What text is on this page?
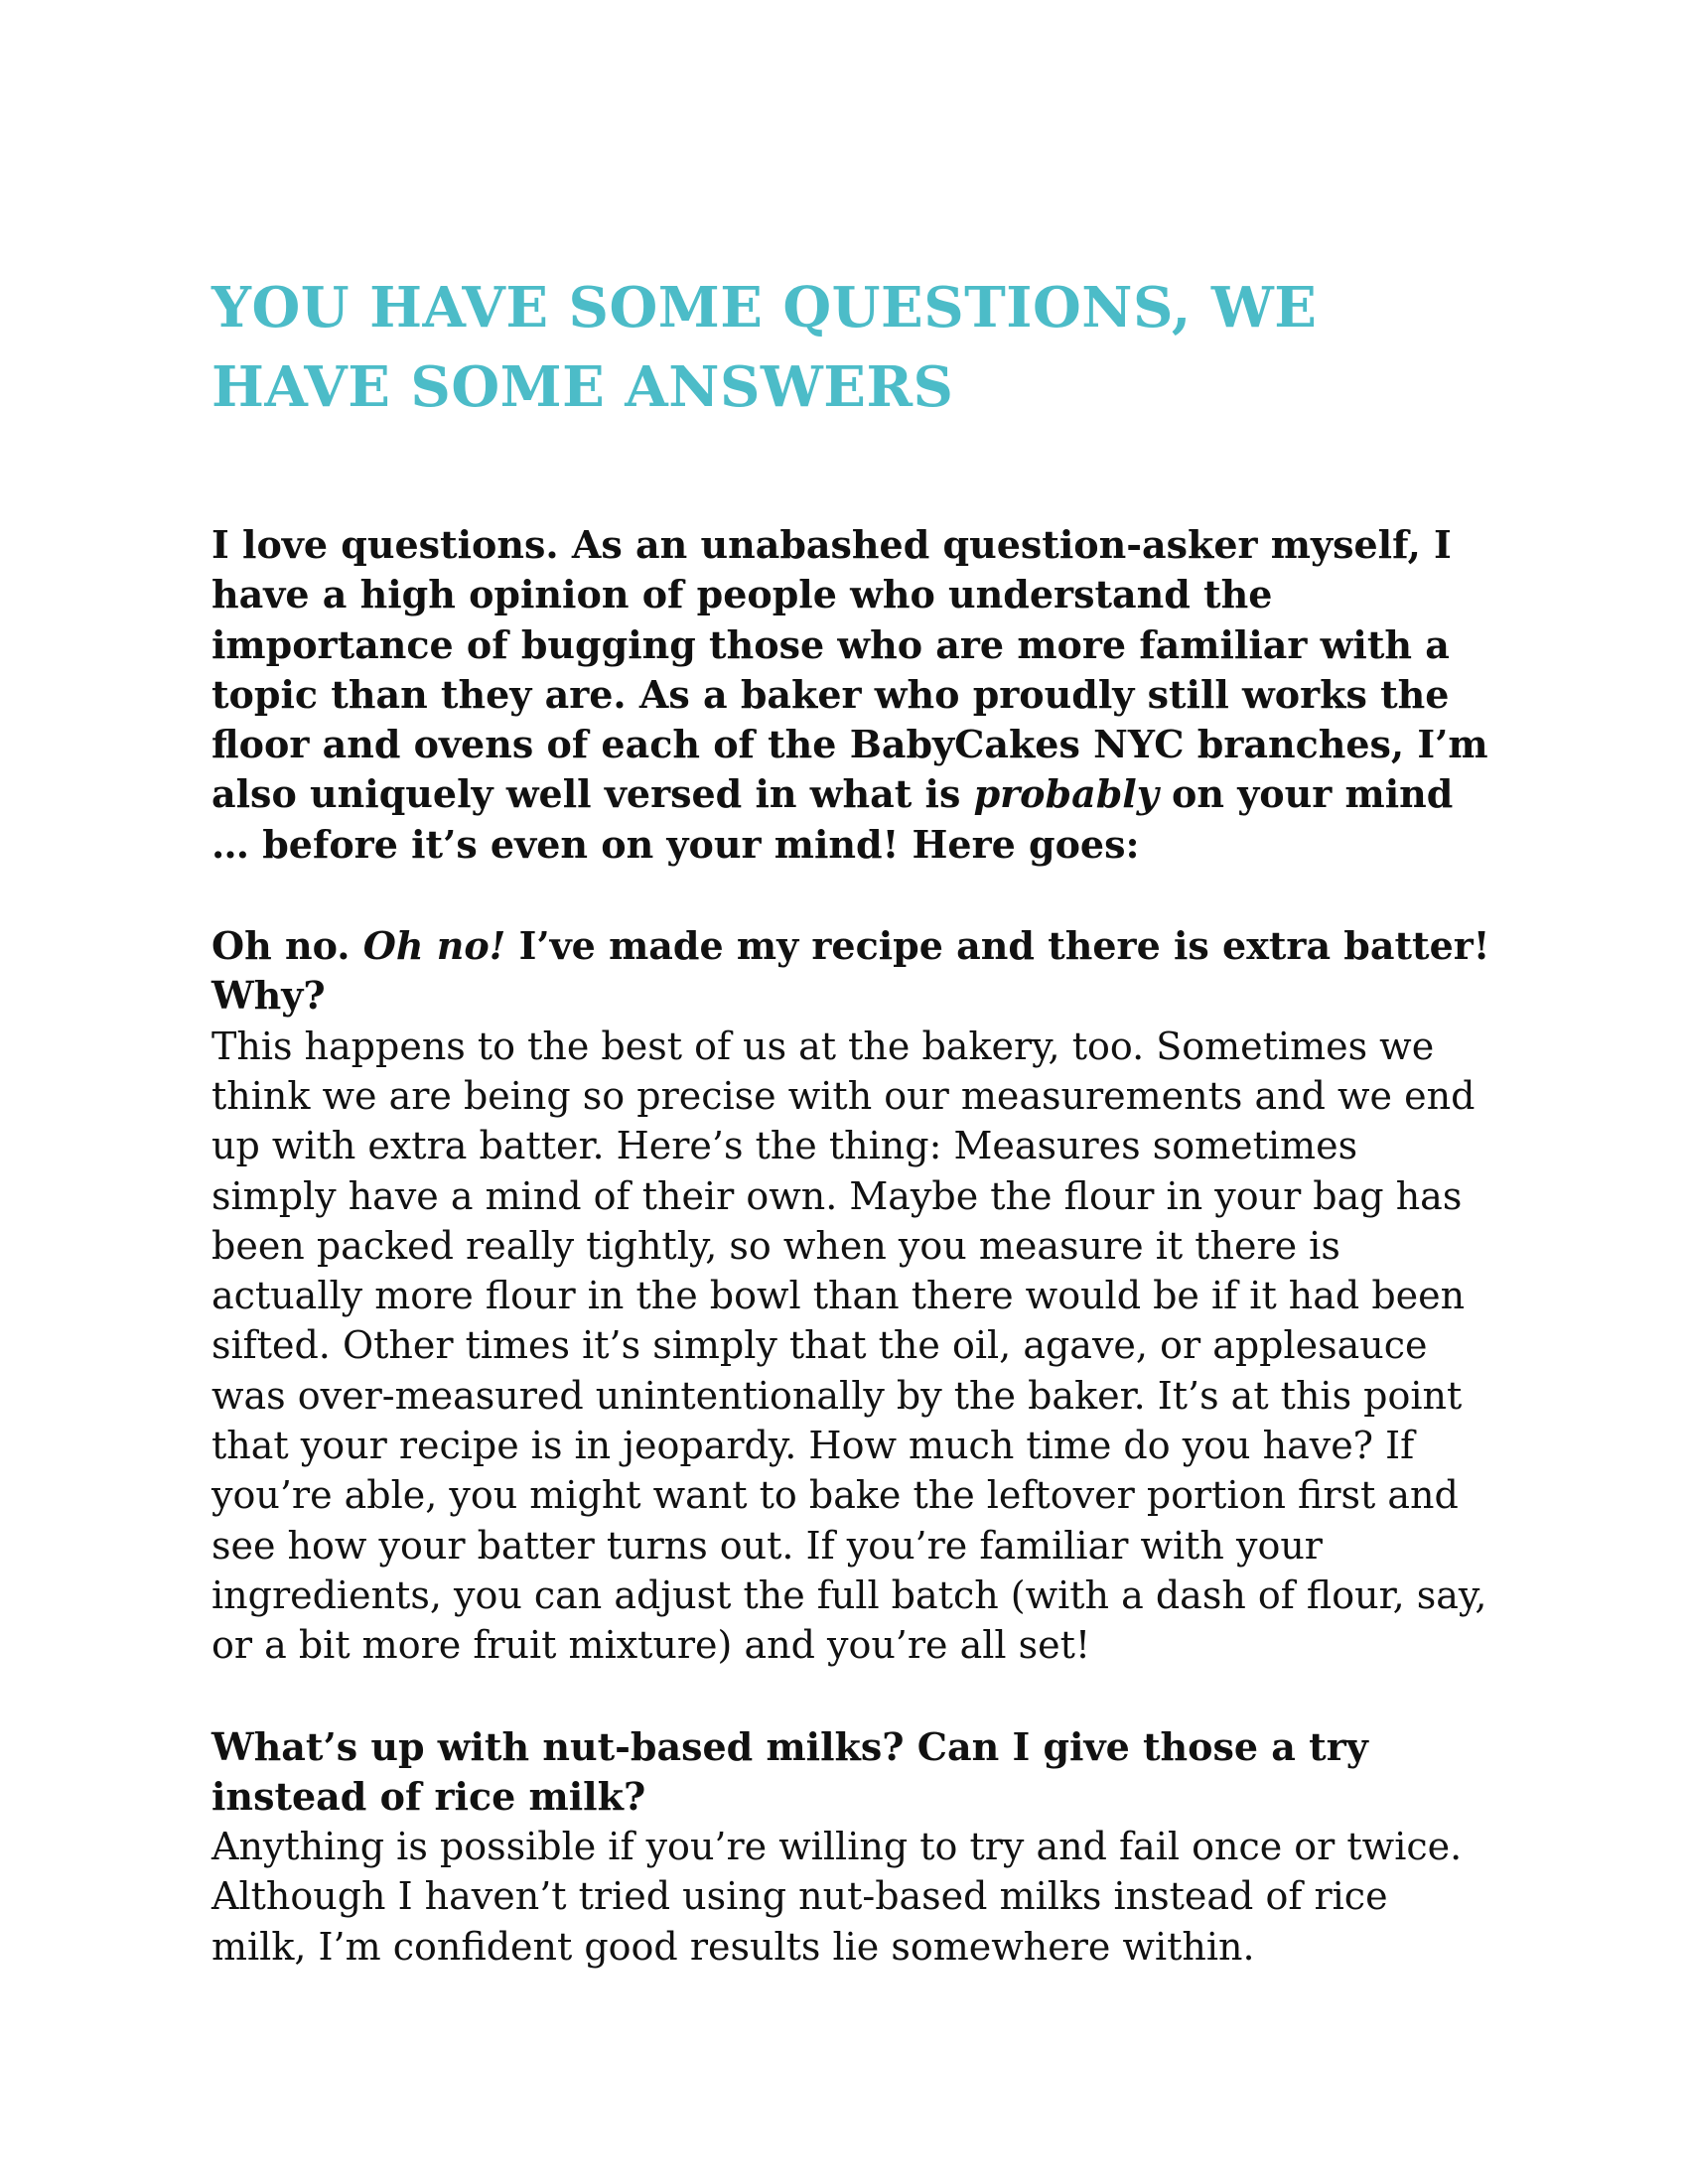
YOU HAVE SOME QUESTIONS, WE HAVE SOME ANSWERS

I love questions. As an unabashed question-asker myself, I have a high opinion of people who understand the importance of bugging those who are more familiar with a topic than they are. As a baker who proudly still works the floor and ovens of each of the BabyCakes NYC branches, I’m also uniquely well versed in what is probably on your mind … before it’s even on your mind! Here goes:

Oh no. Oh no! I’ve made my recipe and there is extra batter! Why?

This happens to the best of us at the bakery, too. Sometimes we think we are being so precise with our measurements and we end up with extra batter. Here’s the thing: Measures sometimes simply have a mind of their own. Maybe the flour in your bag has been packed really tightly, so when you measure it there is actually more flour in the bowl than there would be if it had been sifted. Other times it’s simply that the oil, agave, or applesauce was over-measured unintentionally by the baker. It’s at this point that your recipe is in jeopardy. How much time do you have? If you’re able, you might want to bake the leftover portion first and see how your batter turns out. If you’re familiar with your ingredients, you can adjust the full batch (with a dash of flour, say, or a bit more fruit mixture) and you’re all set!

What’s up with nut-based milks? Can I give those a try instead of rice milk?

Anything is possible if you’re willing to try and fail once or twice. Although I haven’t tried using nut-based milks instead of rice milk, I’m confident good results lie somewhere within.
